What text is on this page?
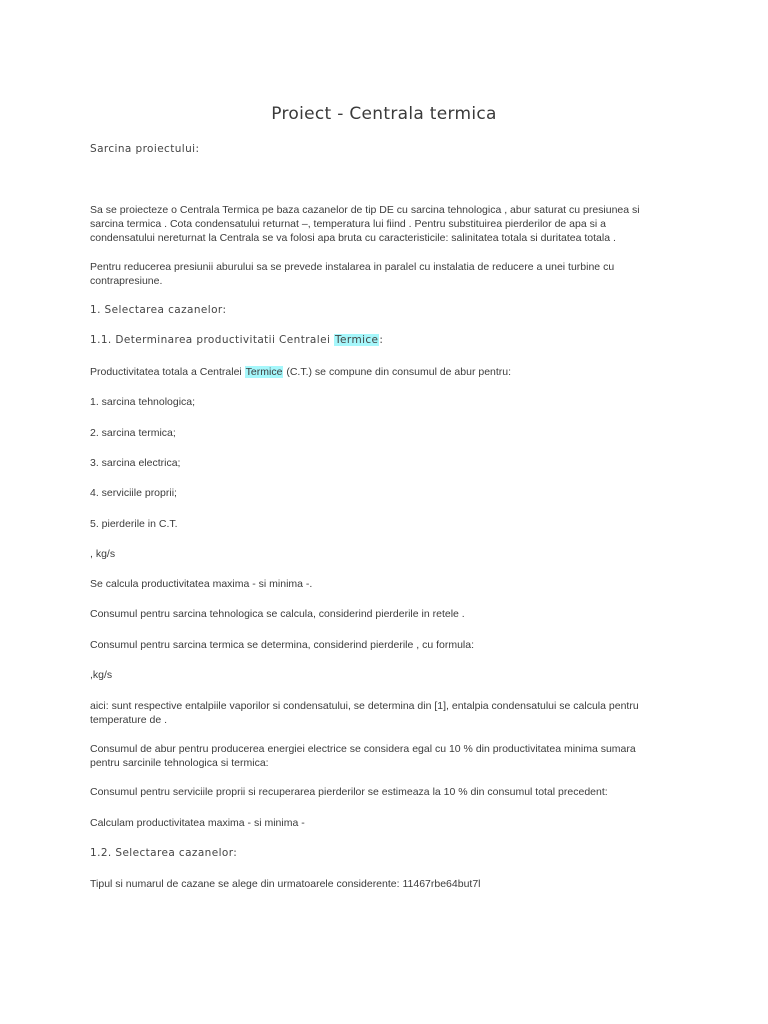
Proiect - Centrala termica
Sarcina proiectului:
Sa se proiecteze o Centrala Termica pe baza cazanelor de tip DE cu sarcina tehnologica , abur saturat cu presiunea si sarcina termica . Cota condensatului returnat –, temperatura lui fiind . Pentru substituirea pierderilor de apa si a condensatului nereturnat la Centrala se va folosi apa bruta cu caracteristicile: salinitatea totala si duritatea totala .
Pentru reducerea presiunii aburului sa se prevede instalarea in paralel cu instalatia de reducere a unei turbine cu contrapresiune.
1. Selectarea cazanelor:
1.1. Determinarea productivitatii Centralei Termice:
Productivitatea totala a Centralei Termice (C.T.) se compune din consumul de abur pentru:
1. sarcina tehnologica;
2. sarcina termica;
3. sarcina electrica;
4. serviciile proprii;
5. pierderile in C.T.
, kg/s
Se calcula productivitatea maxima - si minima -.
Consumul pentru sarcina tehnologica se calcula, considerind pierderile in retele .
Consumul pentru sarcina termica se determina, considerind pierderile , cu formula:
,kg/s
aici: sunt respective entalpiile vaporilor si condensatului, se determina din [1], entalpia condensatului se calcula pentru temperature de .
Consumul de abur pentru producerea energiei electrice se considera egal cu 10 % din productivitatea minima sumara pentru sarcinile tehnologica si termica:
Consumul pentru serviciile proprii si recuperarea pierderilor se estimeaza la 10 % din consumul total precedent:
Calculam productivitatea maxima - si minima -
1.2. Selectarea cazanelor:
Tipul si numarul de cazane se alege din urmatoarele considerente: 11467rbe64but7l
